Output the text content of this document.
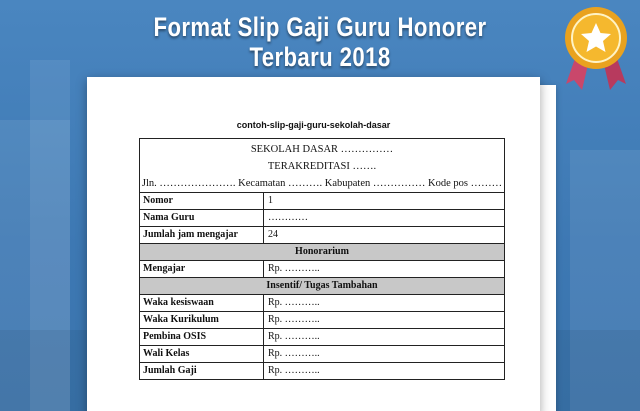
Format Slip Gaji Guru Honorer
Terbaru 2018
contoh-slip-gaji-guru-sekolah-dasar
SEKOLAH DASAR ……………
TERAKREDITASI …….
Jln. …………………. Kecamatan ………. Kabupaten …………… Kode pos ………
Nomor	1
Nama Guru	…………
Jumlah jam mengajar	24
Honorarium
Mengajar	Rp. ………..
Insentif/ Tugas Tambahan
Waka kesiswaan	Rp. ………..
Waka Kurikulum	Rp. ………..
Pembina OSIS	Rp. ………..
Wali Kelas	Rp. ………..
Jumlah Gaji	Rp. ………..
